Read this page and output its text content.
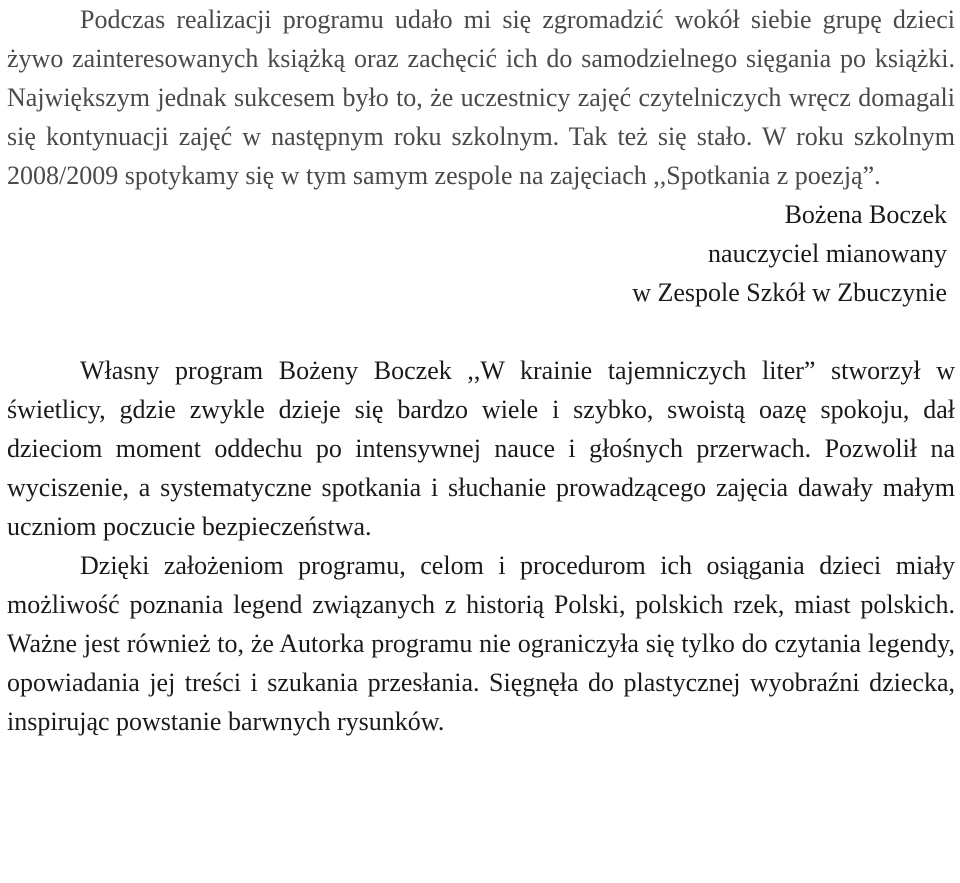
Podczas realizacji programu udało mi się zgromadzić wokół siebie grupę dzieci żywo zainteresowanych książką oraz zachęcić ich do samodzielnego sięgania po książki. Największym jednak sukcesem było to, że uczestnicy zajęć czytelniczych wręcz domagali się kontynuacji zajęć w następnym roku szkolnym. Tak też się stało. W roku szkolnym 2008/2009 spotykamy się w tym samym zespole na zajęciach ,,Spotkania z poezją”.

Bożena Boczek
nauczyciel mianowany
w Zespole Szkół w Zbuczynie

Własny program Bożeny Boczek ,,W krainie tajemniczych liter” stworzył w świetlicy, gdzie zwykle dzieje się bardzo wiele i szybko, swoistą oazę spokoju, dał dzieciom moment oddechu po intensywnej nauce i głośnych przerwach. Pozwolił na wyciszenie, a systematyczne spotkania i słuchanie prowadzącego zajęcia dawały małym uczniom poczucie bezpieczeństwa.

Dzięki założeniom programu, celom i procedurom ich osiągania dzieci miały możliwość poznania legend związanych z historią Polski, polskich rzek, miast polskich. Ważne jest również to, że Autorka programu nie ograniczyła się tylko do czytania legendy, opowiadania jej treści i szukania przesłania. Sięgnęła do plastycznej wyobraźni dziecka, inspirując powstanie barwnych rysunków.
